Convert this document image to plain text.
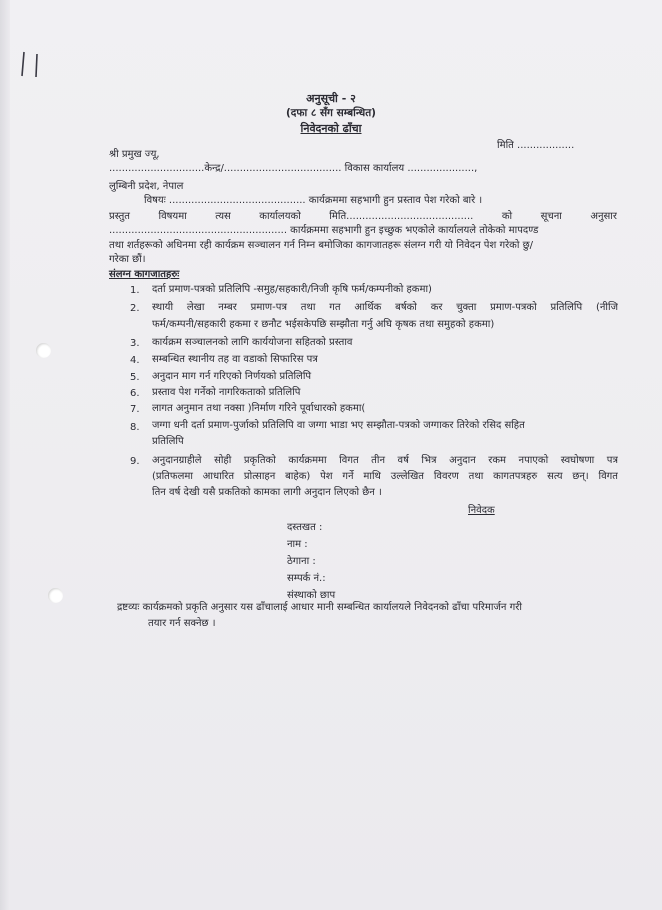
अनुसूची - २
(दफा ८ सँग सम्बन्धित)
निवेदनको ढाँचा
मिति ..................
श्री प्रमुख ज्यू,
..............................केन्द्र/..................................... विकास कार्यालय .....................,
लुम्बिनी प्रदेश, नेपाल
विषयः ........................................... कार्यक्रममा सहभागी हुन प्रस्ताव पेश गरेको बारे ।
प्रस्तुत विषयमा त्यस कार्यालयको मिति........................................ को सूचना अनुसार
........................................................ कार्यक्रममा सहभागी हुन इच्छुक भएकोले कार्यालयले तोकेको मापदण्ड
तथा शर्तहरूको अधिनमा रही कार्यक्रम सञ्चालन गर्न निम्न बमोजिका कागजातहरू संलग्न गरी यो निवेदन पेश गरेको छु/
गरेका छौं।
संलग्न कागजातहरुः
1. दर्ता प्रमाण-पत्रको प्रतिलिपि -समुह/सहकारी/निजी कृषि फर्म/कम्पनीको हकमा)
2. स्थायी लेखा नम्बर प्रमाण-पत्र तथा गत आर्थिक बर्षको कर चुक्ता प्रमाण-पत्रको प्रतिलिपि (नीजि
फर्म/कम्पनी/सहकारी हकमा र छनौट भईसकेपछि सम्झौता गर्नु अघि कृषक तथा समुहको हकमा)
3. कार्यक्रम सञ्चालनको लागि कार्ययोजना सहितको प्रस्ताव
4. सम्बन्धित स्थानीय तह वा वडाको सिफारिस पत्र
5. अनुदान माग गर्न गरिएको निर्णयको प्रतिलिपि
6. प्रस्ताव पेश गर्नेको नागरिकताको प्रतिलिपि
7. लागत अनुमान तथा नक्सा )निर्माण गरिने पूर्वाधारको हकमा(
8. जग्गा धनी दर्ता प्रमाण-पुर्जाको प्रतिलिपि वा जग्गा भाडा भए सम्झौता-पत्रको जग्गाकर तिरेको रसिद सहित
प्रतिलिपि
9. अनुदानग्राहीले सोही प्रकृतिको कार्यक्रममा विगत तीन वर्ष भित्र अनुदान रकम नपाएको स्वघोषणा पत्र
(प्रतिफलमा आधारित प्रोत्साहन बाहेक) पेश गर्ने माथि उल्लेखित विवरण तथा कागतपत्रहरु सत्य छन्। विगत
तिन वर्ष देखी यसै प्रकतिको कामका लागी अनुदान लिएको छैन ।
निवेदक
दस्तखत :
नाम :
ठेगाना :
सम्पर्क नं.:
संस्थाको छाप
द्रष्टव्यः कार्यक्रमको प्रकृति अनुसार यस ढाँचालाई आधार मानी सम्बन्धित कार्यालयले निवेदनको ढाँचा परिमार्जन गरी
तयार गर्न सक्नेछ ।
